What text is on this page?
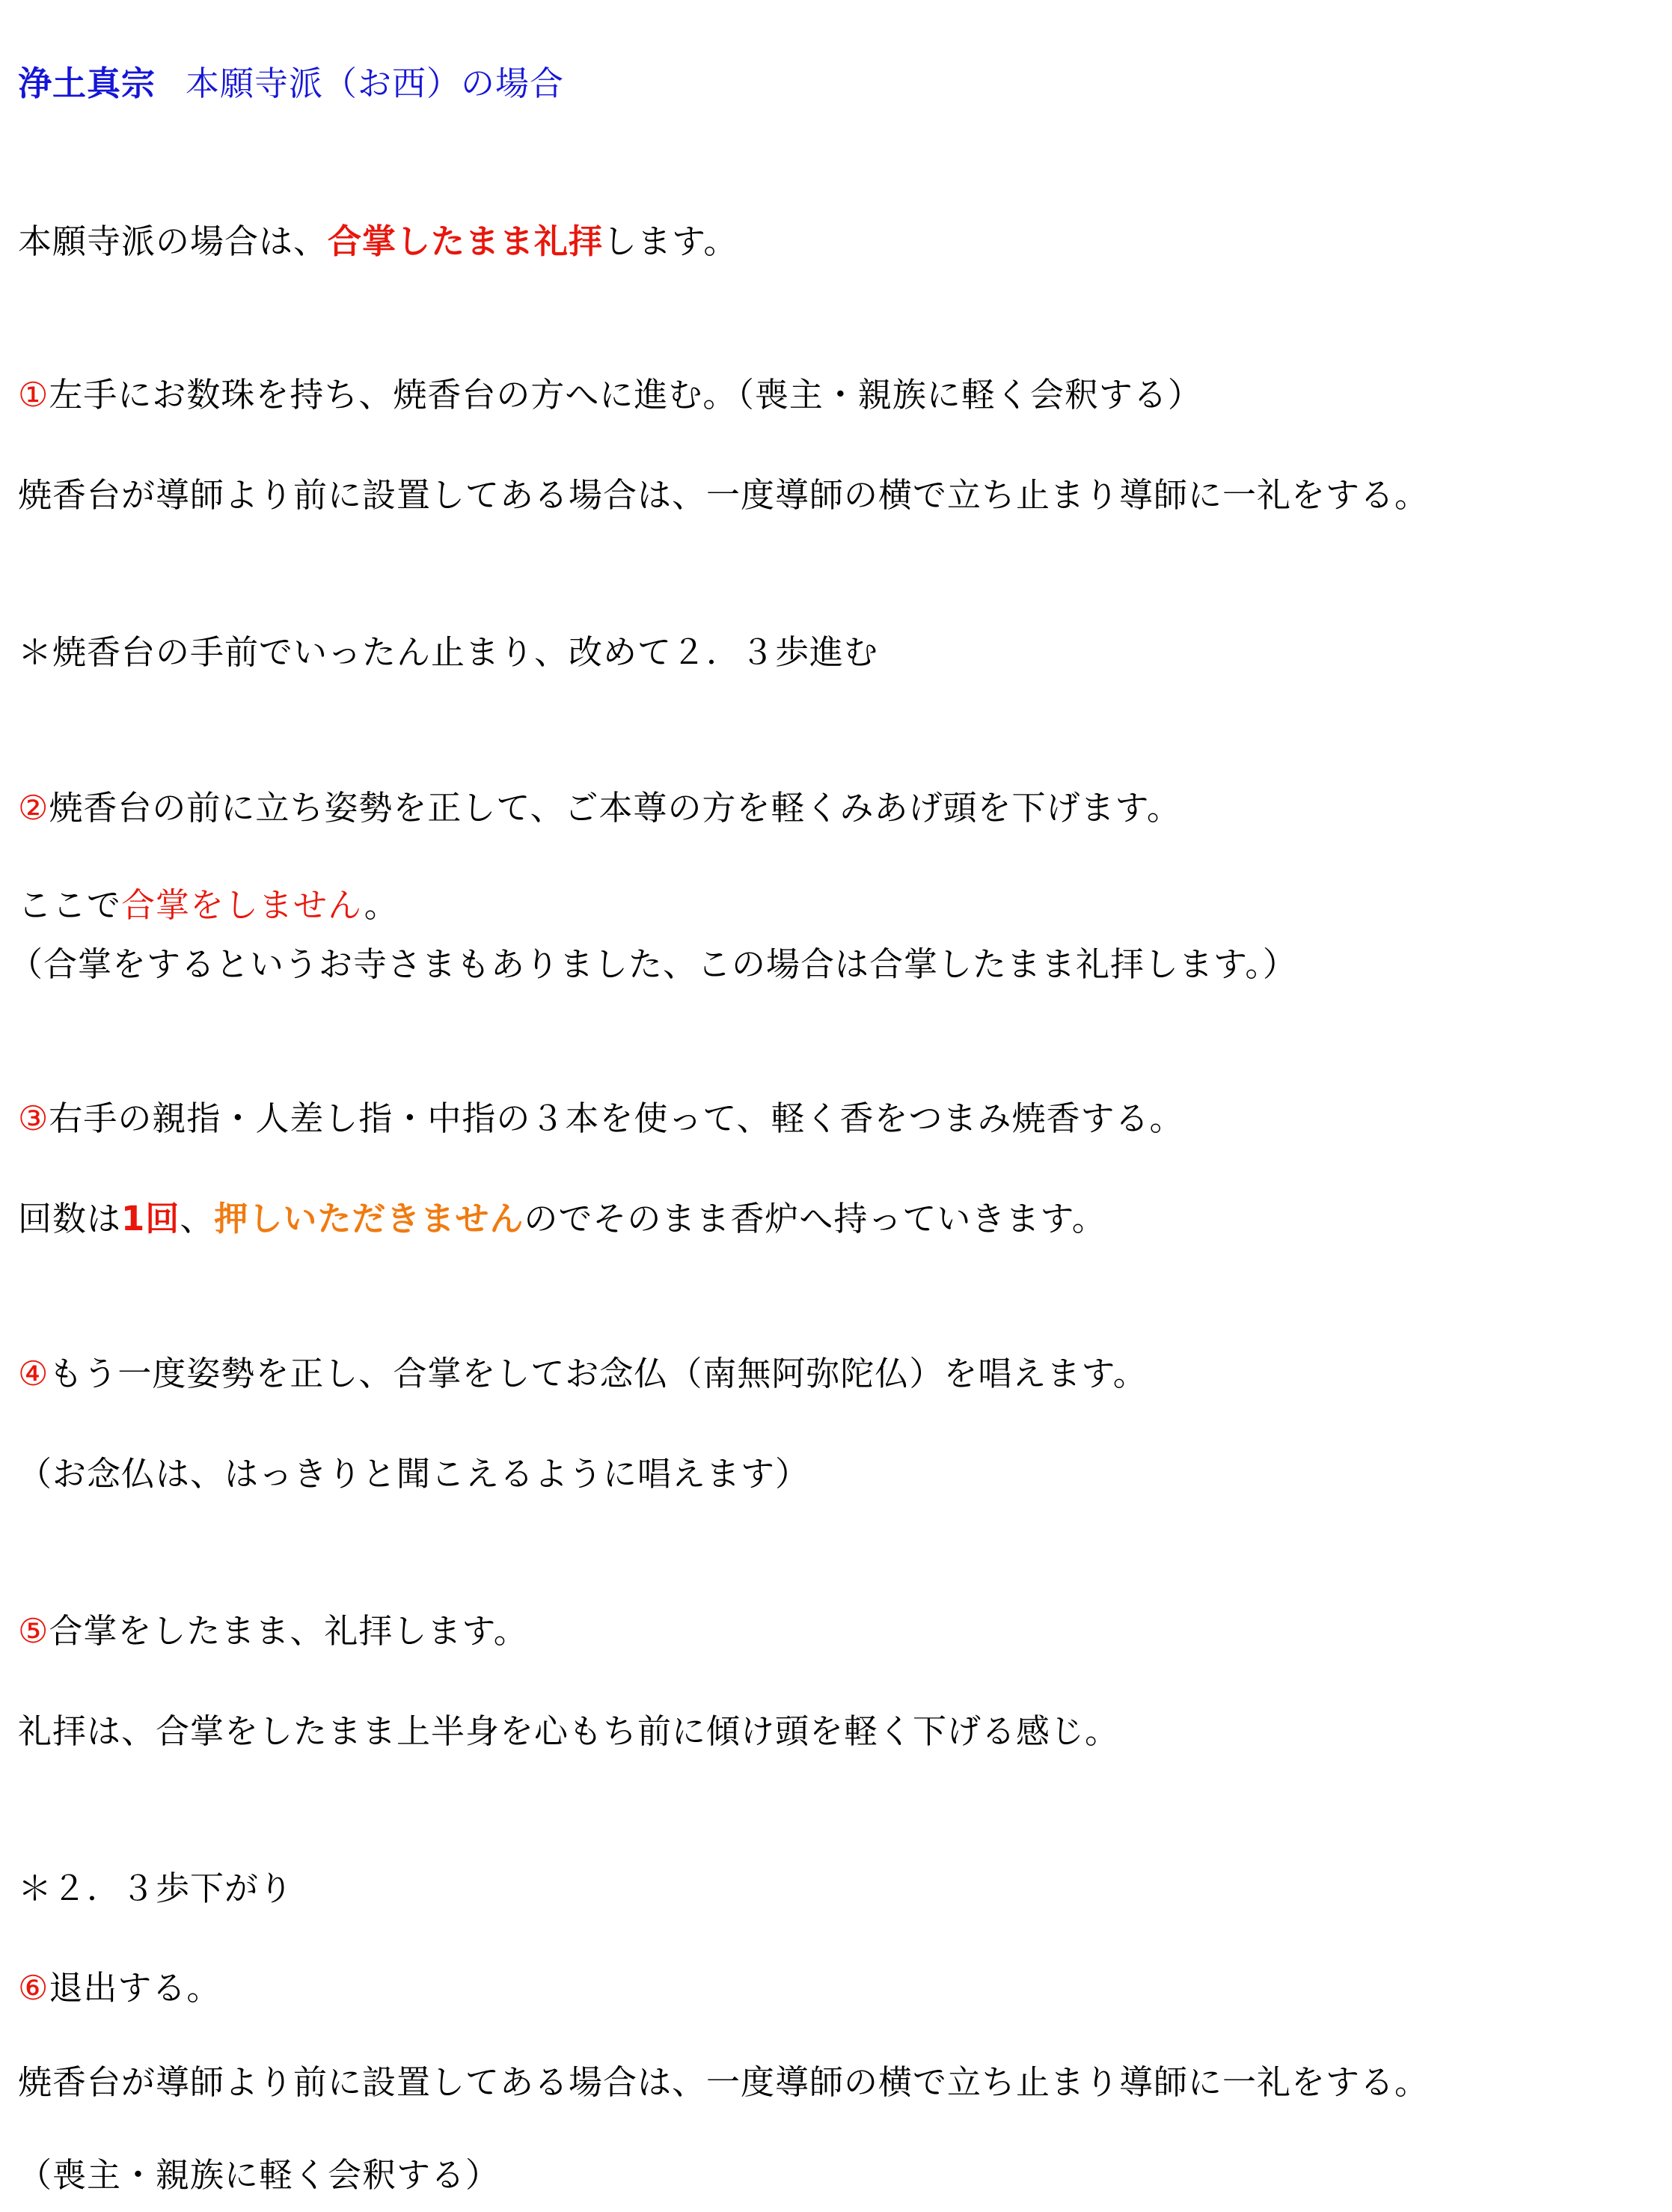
浄土真宗 本願寺派（お西）の場合

本願寺派の場合は、合掌したまま礼拝します。

①左手にお数珠を持ち、焼香台の方へに進む。（喪主・親族に軽く会釈する）

焼香台が導師より前に設置してある場合は、一度導師の横で立ち止まり導師に一礼をする。

＊焼香台の手前でいったん止まり、改めて２．３歩進む

②焼香台の前に立ち姿勢を正して、ご本尊の方を軽くみあげ頭を下げます。

ここで合掌をしません。

（合掌をするというお寺さまもありました、この場合は合掌したまま礼拝します。）

③右手の親指・人差し指・中指の３本を使って、軽く香をつまみ焼香する。

回数は1回、押しいただきませんのでそのまま香炉へ持っていきます。

④もう一度姿勢を正し、合掌をしてお念仏（南無阿弥陀仏）を唱えます。

（お念仏は、はっきりと聞こえるように唱えます）

⑤合掌をしたまま、礼拝します。

礼拝は、合掌をしたまま上半身を心もち前に傾け頭を軽く下げる感じ。

＊２．３歩下がり

⑥退出する。

焼香台が導師より前に設置してある場合は、一度導師の横で立ち止まり導師に一礼をする。

（喪主・親族に軽く会釈する）
